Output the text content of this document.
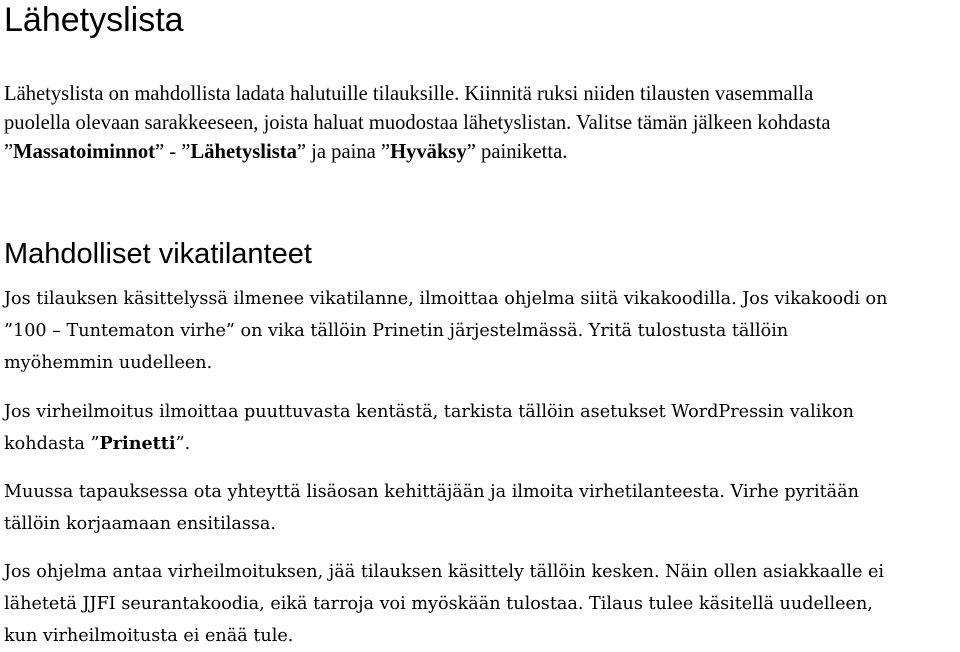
Lähetyslista

Lähetyslista on mahdollista ladata halutuille tilauksille. Kiinnitä ruksi niiden tilausten vasemmalla
puolella olevaan sarakkeeseen, joista haluat muodostaa lähetyslistan. Valitse tämän jälkeen kohdasta
”Massatoiminnot” - ”Lähetyslista” ja paina ”Hyväksy” painiketta.

Mahdolliset vikatilanteet

Jos tilauksen käsittelyssä ilmenee vikatilanne, ilmoittaa ohjelma siitä vikakoodilla. Jos vikakoodi on
”100 – Tuntematon virhe” on vika tällöin Prinetin järjestelmässä. Yritä tulostusta tällöin
myöhemmin uudelleen.

Jos virheilmoitus ilmoittaa puuttuvasta kentästä, tarkista tällöin asetukset WordPressin valikon
kohdasta ”Prinetti”.

Muussa tapauksessa ota yhteyttä lisäosan kehittäjään ja ilmoita virhetilanteesta. Virhe pyritään
tällöin korjaamaan ensitilassa.

Jos ohjelma antaa virheilmoituksen, jää tilauksen käsittely tällöin kesken. Näin ollen asiakkaalle ei
lähetetä JJFI seurantakoodia, eikä tarroja voi myöskään tulostaa. Tilaus tulee käsitellä uudelleen,
kun virheilmoitusta ei enää tule.
